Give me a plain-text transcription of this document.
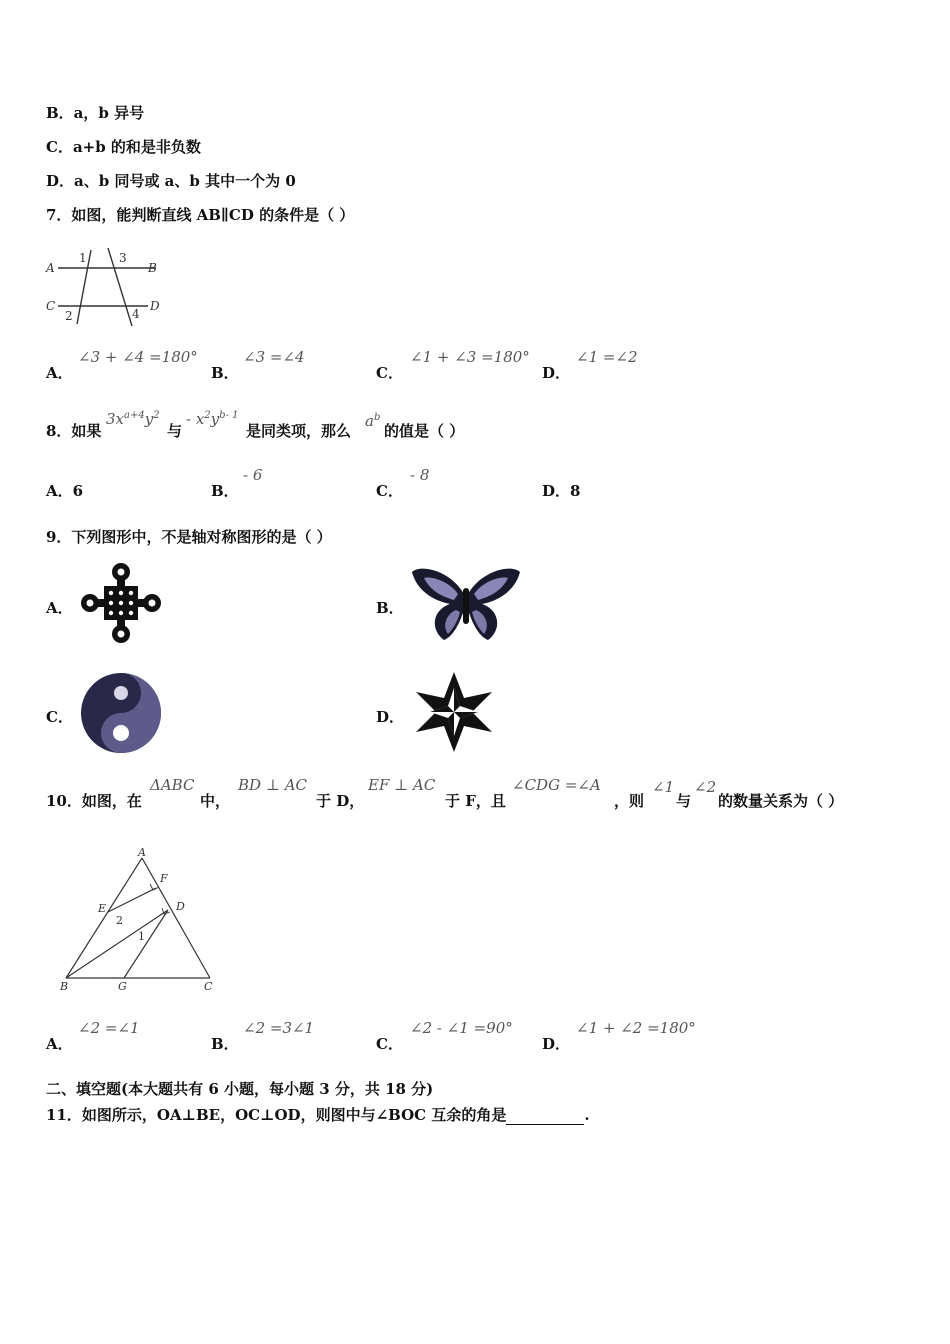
B．a，b 异号
C．a+b 的和是非负数
D．a、b 同号或 a、b 其中一个为 0
7．如图，能判断直线 AB∥CD 的条件是（ ）
A	B
C	D
1
2
3
4
A．
∠3 + ∠4 =180°
B．
∠3 =∠4
C．
∠1 + ∠3 =180°
D．
∠1 =∠2
8．如果
$3x^{a+4}y^2$
与
- $x^2y^{b- 1}$
是同类项，那么
$a^b$
的值是（ ）
A．6	B．
- 6
C．
- 8
D．8
9．下列图形中，不是轴对称图形的是（ ）
A．	B．
C．	D．
10．如图，在
ΔABC
中，
BD ⊥ AC
于 D，
EF ⊥ AC
于 F，且
∠CDG =∠A
，则
∠1
与
∠2
的数量关系为（ ）
A
F
E	D
2
1
B	G	C
A．
∠2 =∠1
B．
∠2 =3∠1
C．
∠2 - ∠1 =90°
D．
∠1 + ∠2 =180°
二、填空题(本大题共有 6 小题，每小题 3 分，共 18 分)
11．如图所示，OA⊥BE，OC⊥OD，则图中与∠BOC 互余的角是	.
